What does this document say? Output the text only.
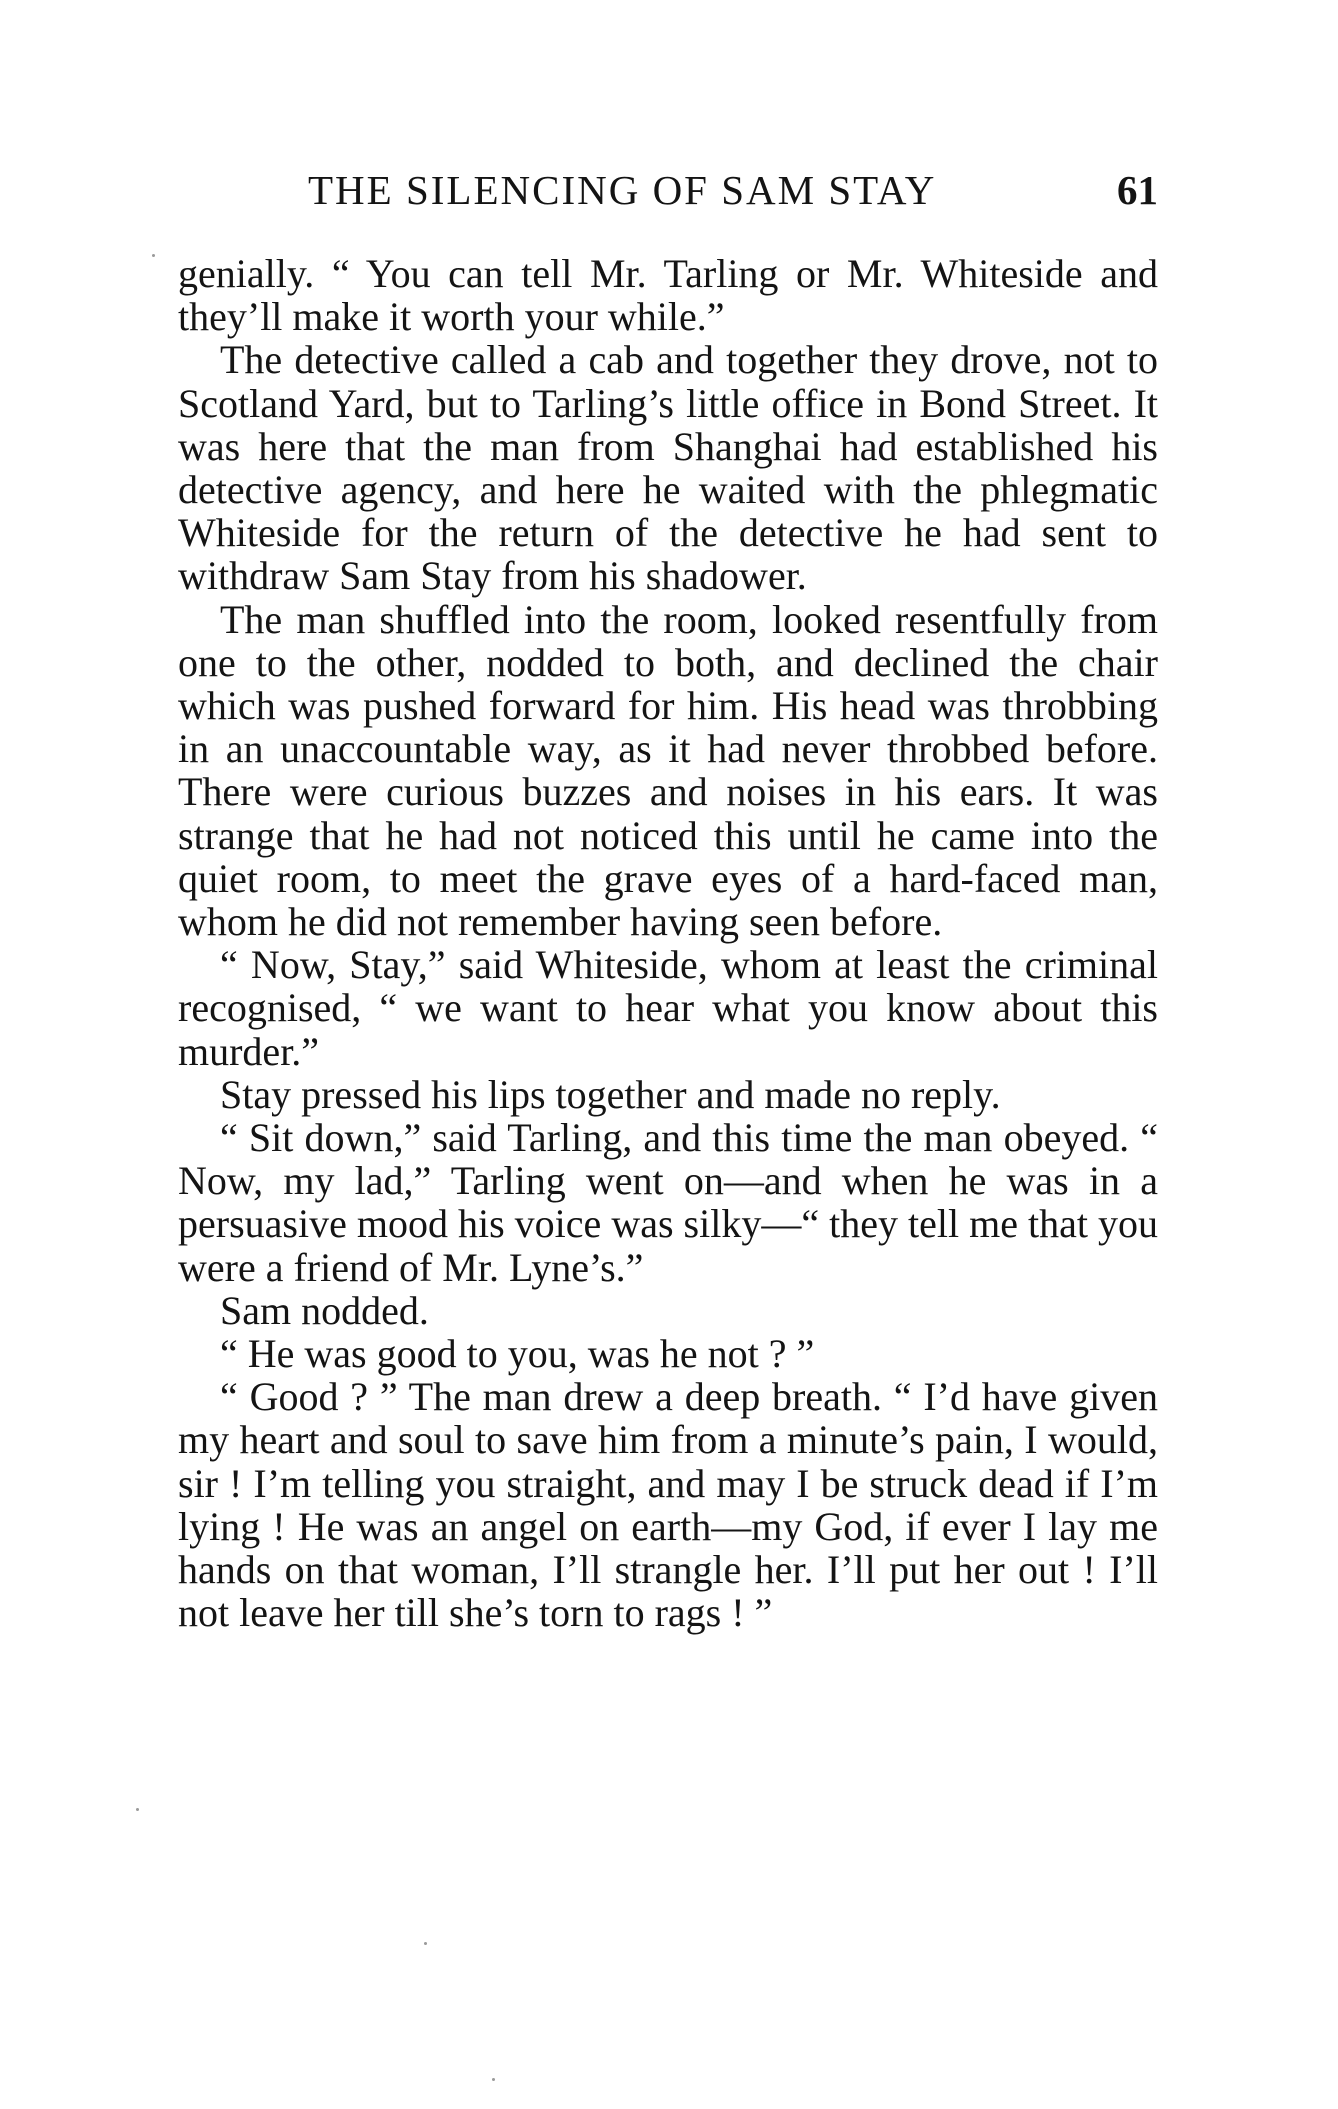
THE SILENCING OF SAM STAY	61

genially. “ You can tell Mr. Tarling or Mr. Whiteside and they’ll make it worth your while.”

The detective called a cab and together they drove, not to Scotland Yard, but to Tarling’s little office in Bond Street. It was here that the man from Shanghai had established his detective agency, and here he waited with the phlegmatic Whiteside for the return of the detective he had sent to withdraw Sam Stay from his shadower.

The man shuffled into the room, looked resentfully from one to the other, nodded to both, and declined the chair which was pushed forward for him. His head was throbbing in an unaccountable way, as it had never throbbed before. There were curious buzzes and noises in his ears. It was strange that he had not noticed this until he came into the quiet room, to meet the grave eyes of a hard-faced man, whom he did not remember having seen before.

“ Now, Stay,” said Whiteside, whom at least the criminal recognised, “ we want to hear what you know about this murder.”

Stay pressed his lips together and made no reply.

“ Sit down,” said Tarling, and this time the man obeyed. “ Now, my lad,” Tarling went on—and when he was in a persuasive mood his voice was silky—“ they tell me that you were a friend of Mr. Lyne’s.”

Sam nodded.

“ He was good to you, was he not ? ”

“ Good ? ” The man drew a deep breath. “ I’d have given my heart and soul to save him from a minute’s pain, I would, sir ! I’m telling you straight, and may I be struck dead if I’m lying ! He was an angel on earth—my God, if ever I lay me hands on that woman, I’ll strangle her. I’ll put her out ! I’ll not leave her till she’s torn to rags ! ”
